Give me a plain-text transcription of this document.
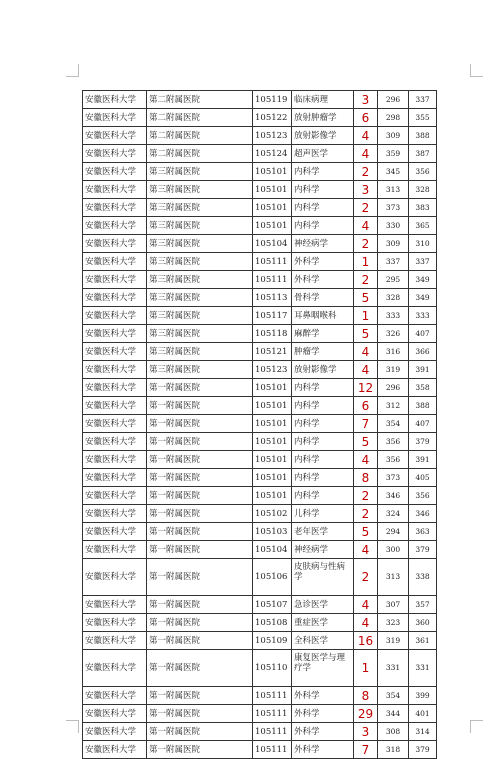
安徽医科大学	第二附属医院	105119	临床病理	3	296	337
安徽医科大学	第二附属医院	105122	放射肿瘤学	6	298	355
安徽医科大学	第二附属医院	105123	放射影像学	4	309	388
安徽医科大学	第二附属医院	105124	超声医学	4	359	387
安徽医科大学	第三附属医院	105101	内科学	2	345	356
安徽医科大学	第三附属医院	105101	内科学	3	313	328
安徽医科大学	第三附属医院	105101	内科学	2	373	383
安徽医科大学	第三附属医院	105101	内科学	4	330	365
安徽医科大学	第三附属医院	105104	神经病学	2	309	310
安徽医科大学	第三附属医院	105111	外科学	1	337	337
安徽医科大学	第三附属医院	105111	外科学	2	295	349
安徽医科大学	第三附属医院	105113	骨科学	5	328	349
安徽医科大学	第三附属医院	105117	耳鼻咽喉科	1	333	333
安徽医科大学	第三附属医院	105118	麻醉学	5	326	407
安徽医科大学	第三附属医院	105121	肿瘤学	4	316	366
安徽医科大学	第三附属医院	105123	放射影像学	4	319	391
安徽医科大学	第一附属医院	105101	内科学	12	296	358
安徽医科大学	第一附属医院	105101	内科学	6	312	388
安徽医科大学	第一附属医院	105101	内科学	7	354	407
安徽医科大学	第一附属医院	105101	内科学	5	356	379
安徽医科大学	第一附属医院	105101	内科学	4	356	391
安徽医科大学	第一附属医院	105101	内科学	8	373	405
安徽医科大学	第一附属医院	105101	内科学	2	346	356
安徽医科大学	第一附属医院	105102	儿科学	2	324	346
安徽医科大学	第一附属医院	105103	老年医学	5	294	363
安徽医科大学	第一附属医院	105104	神经病学	4	300	379
安徽医科大学	第一附属医院	105106	皮肤病与性病学	2	313	338
安徽医科大学	第一附属医院	105107	急诊医学	4	307	357
安徽医科大学	第一附属医院	105108	重症医学	4	323	360
安徽医科大学	第一附属医院	105109	全科医学	16	319	361
安徽医科大学	第一附属医院	105110	康复医学与理疗学	1	331	331
安徽医科大学	第一附属医院	105111	外科学	8	354	399
安徽医科大学	第一附属医院	105111	外科学	29	344	401
安徽医科大学	第一附属医院	105111	外科学	3	308	314
安徽医科大学	第一附属医院	105111	外科学	7	318	379
